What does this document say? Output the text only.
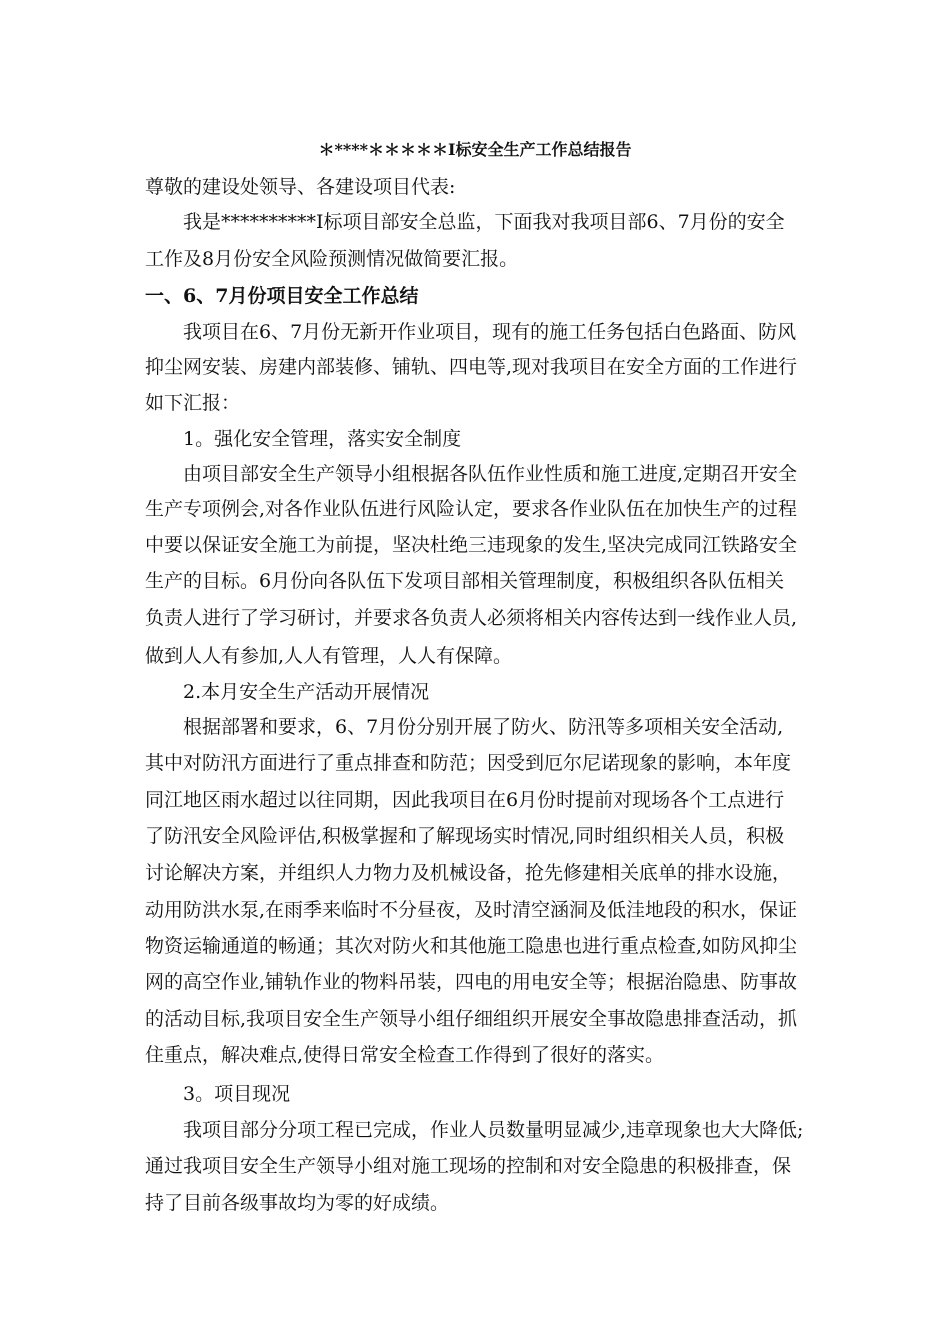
＊****＊＊＊＊＊I标安全生产工作总结报告
尊敬的建设处领导、各建设项目代表:
我是**********I标项目部安全总监，下面我对我项目部6、7月份的安全
工作及8月份安全风险预测情况做简要汇报。
一、6、7月份项目安全工作总结
我项目在6、7月份无新开作业项目，现有的施工任务包括白色路面、防风
抑尘网安装、房建内部装修、铺轨、四电等,现对我项目在安全方面的工作进行
如下汇报：
1。强化安全管理，落实安全制度
由项目部安全生产领导小组根据各队伍作业性质和施工进度,定期召开安全
生产专项例会,对各作业队伍进行风险认定，要求各作业队伍在加快生产的过程
中要以保证安全施工为前提，坚决杜绝三违现象的发生,坚决完成同江铁路安全
生产的目标。6月份向各队伍下发项目部相关管理制度，积极组织各队伍相关
负责人进行了学习研讨，并要求各负责人必须将相关内容传达到一线作业人员,
做到人人有参加,人人有管理，人人有保障。
2.本月安全生产活动开展情况
根据部署和要求，6、7月份分别开展了防火、防汛等多项相关安全活动,
其中对防汛方面进行了重点排查和防范；因受到厄尔尼诺现象的影响，本年度
同江地区雨水超过以往同期，因此我项目在6月份时提前对现场各个工点进行
了防汛安全风险评估,积极掌握和了解现场实时情况,同时组织相关人员，积极
讨论解决方案，并组织人力物力及机械设备，抢先修建相关底单的排水设施，
动用防洪水泵,在雨季来临时不分昼夜，及时清空涵洞及低洼地段的积水，保证
物资运输通道的畅通；其次对防火和其他施工隐患也进行重点检查,如防风抑尘
网的高空作业,铺轨作业的物料吊装，四电的用电安全等；根据治隐患、防事故
的活动目标,我项目安全生产领导小组仔细组织开展安全事故隐患排查活动，抓
住重点，解决难点,使得日常安全检查工作得到了很好的落实。
3。项目现况
我项目部分分项工程已完成，作业人员数量明显减少,违章现象也大大降低;
通过我项目安全生产领导小组对施工现场的控制和对安全隐患的积极排查，保
持了目前各级事故均为零的好成绩。
